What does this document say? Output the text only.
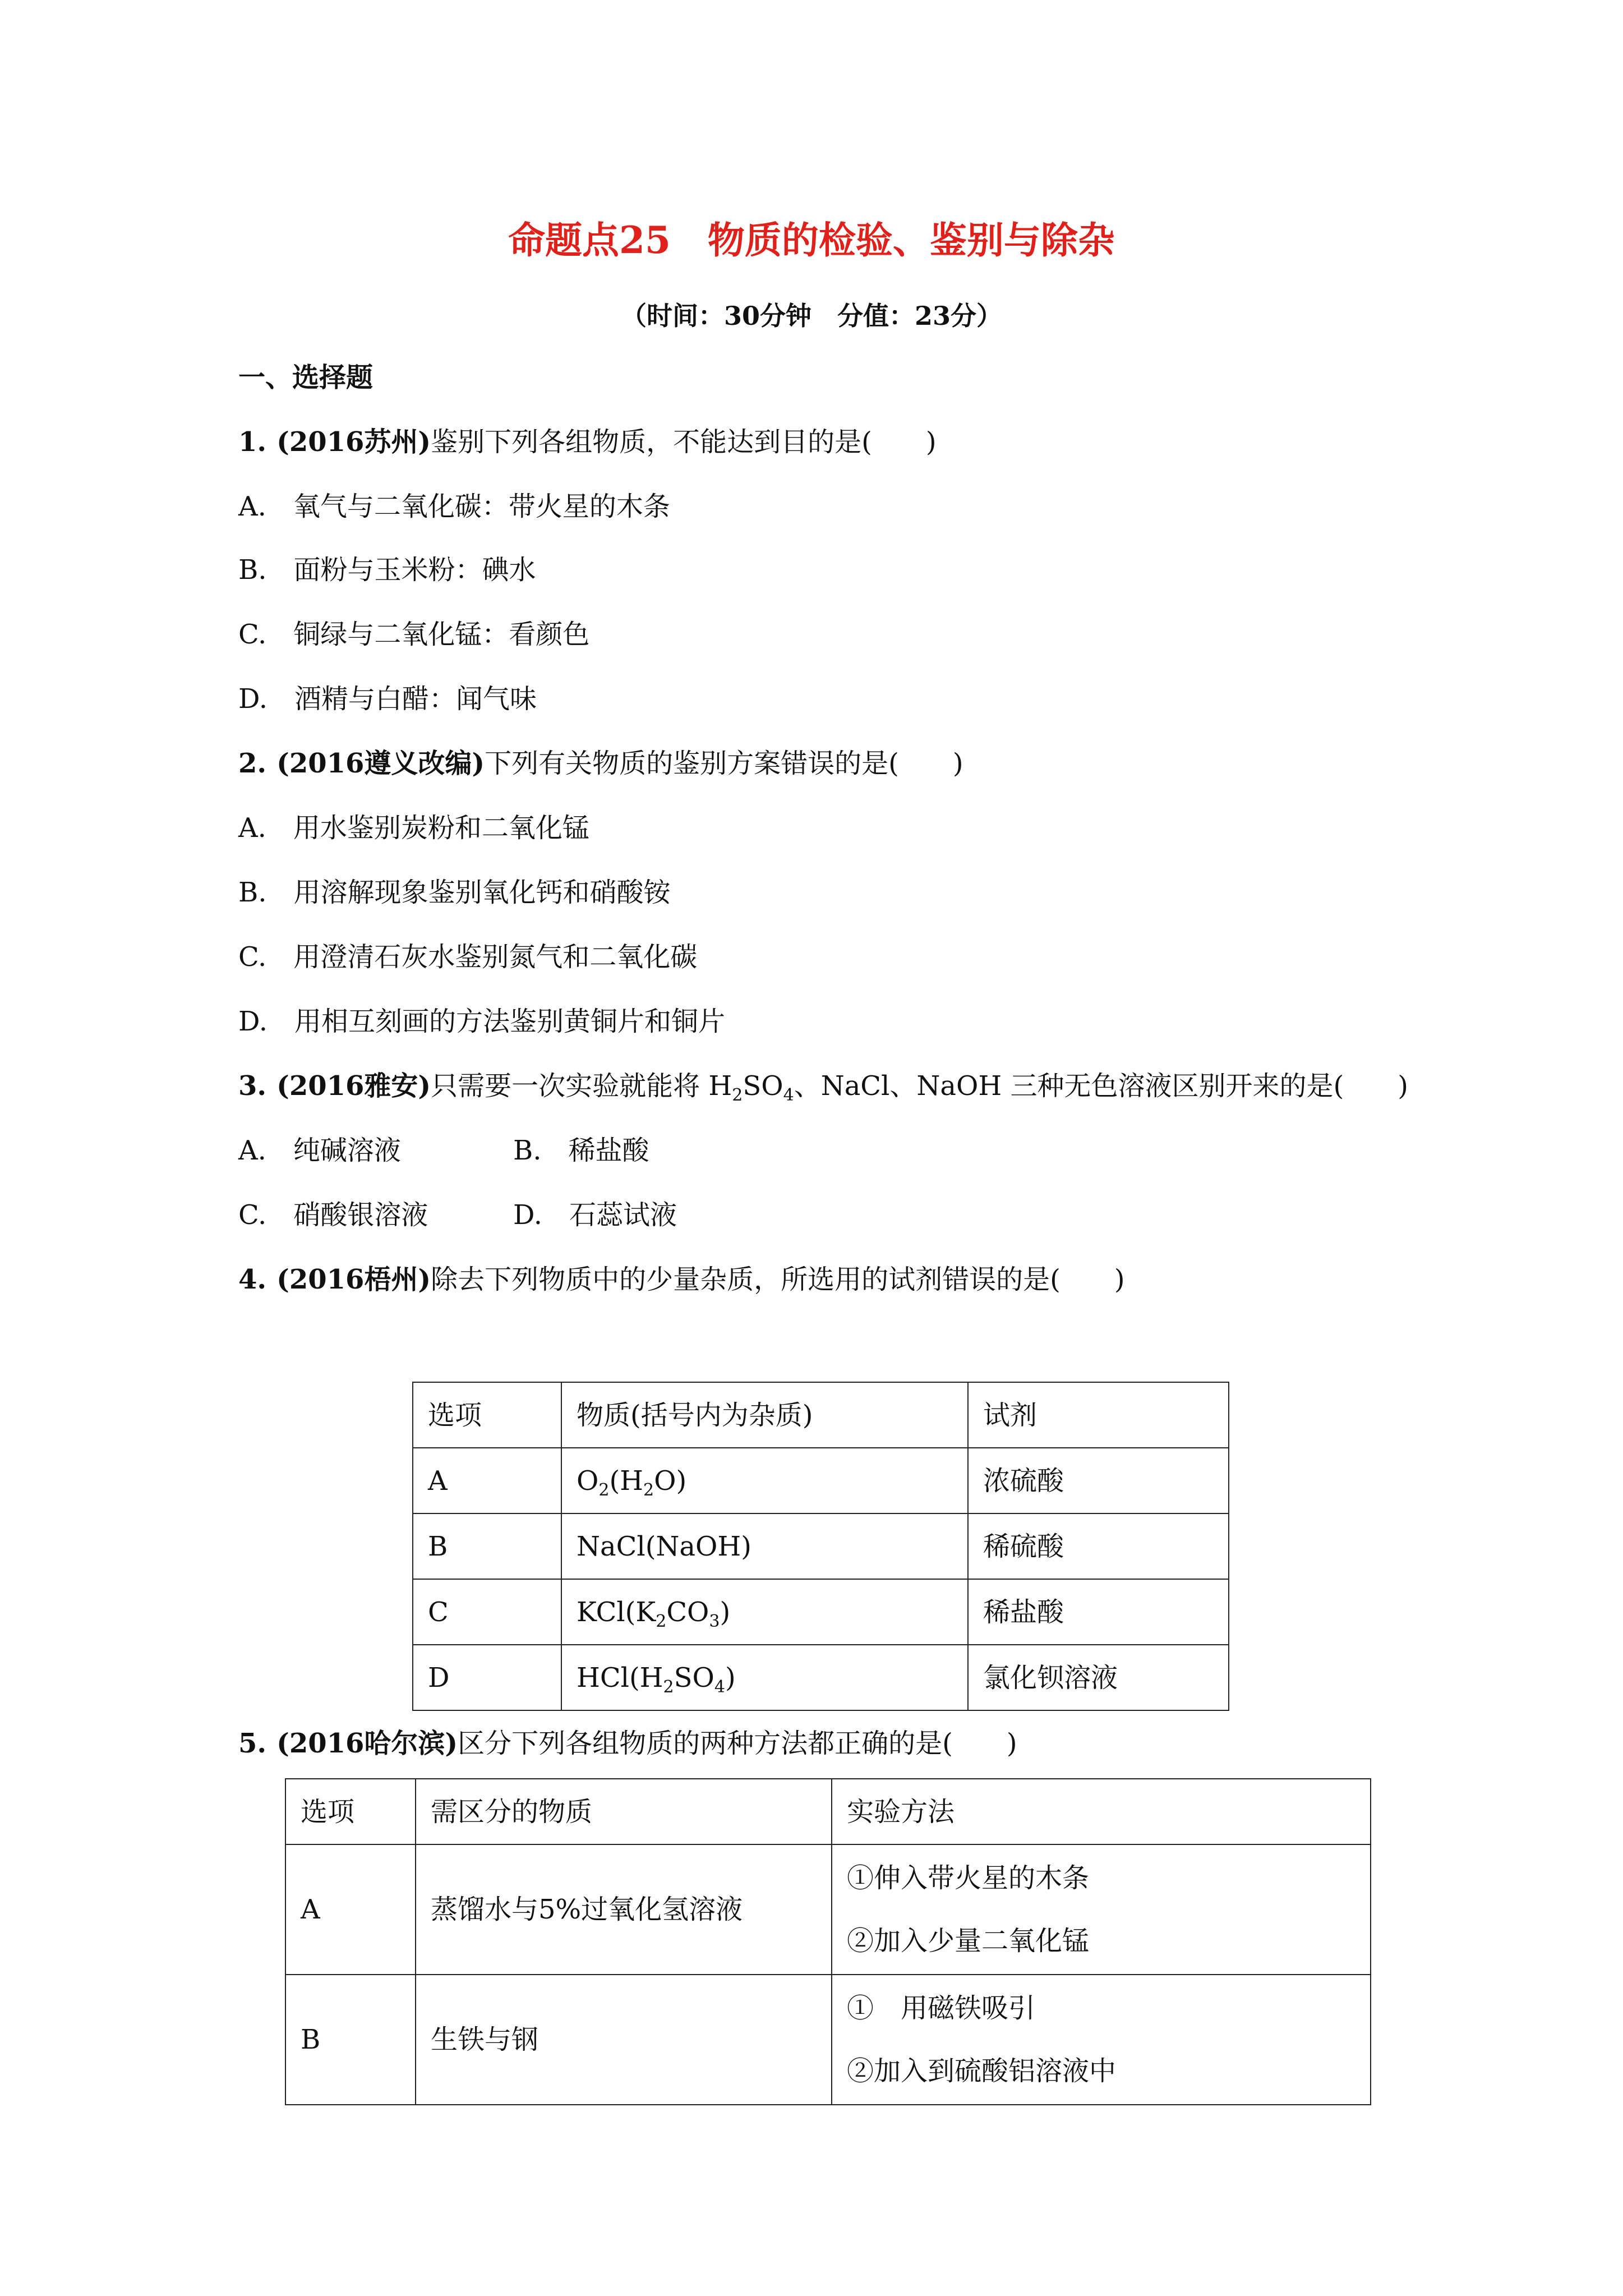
命题点25　物质的检验、鉴别与除杂
（时间：30分钟　分值：23分）
一、选择题
1. (2016苏州)鉴别下列各组物质，不能达到目的是(　　)
A.　氧气与二氧化碳：带火星的木条
B.　面粉与玉米粉：碘水
C.　铜绿与二氧化锰：看颜色
D.　酒精与白醋：闻气味
2. (2016遵义改编)下列有关物质的鉴别方案错误的是(　　)
A.　用水鉴别炭粉和二氧化锰
B.　用溶解现象鉴别氧化钙和硝酸铵
C.　用澄清石灰水鉴别氮气和二氧化碳
D.　用相互刻画的方法鉴别黄铜片和铜片
3. (2016雅安)只需要一次实验就能将 $H_2SO_4$、NaCl、NaOH 三种无色溶液区别开来的是(　　)
A.　纯碱溶液	B.　稀盐酸
C.　硝酸银溶液	D.　石蕊试液
4. (2016梧州)除去下列物质中的少量杂质，所选用的试剂错误的是(　　)
选项	物质(括号内为杂质)	试剂
A	$O_2(H_2O)$	浓硫酸
B	NaCl(NaOH)	稀硫酸
C	$KCl(K_2CO_3)$	稀盐酸
D	$HCl(H_2SO_4)$	氯化钡溶液
5. (2016哈尔滨)区分下列各组物质的两种方法都正确的是(　　)
选项	需区分的物质	实验方法
A	蒸馏水与5%过氧化氢溶液	①伸入带火星的木条
②加入少量二氧化锰

B	生铁与钢	①　用磁铁吸引
②加入到硫酸铝溶液中
